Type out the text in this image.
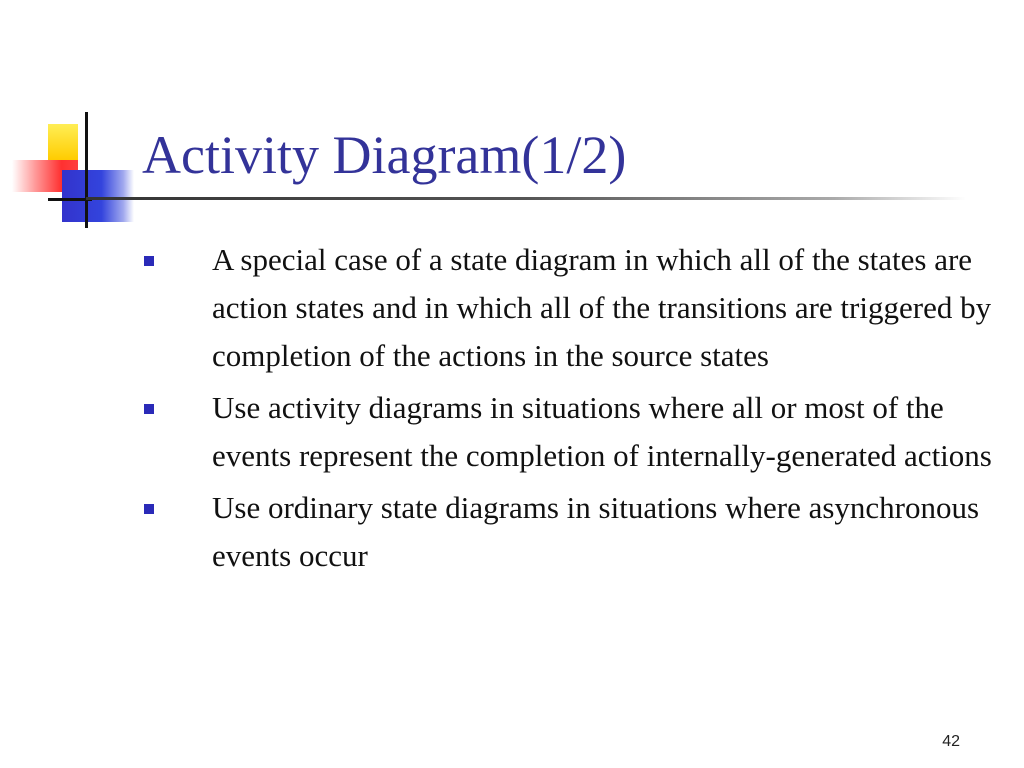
Activity Diagram(1/2)
A special case of a state diagram in which all of the states are action states and in which all of the transitions are triggered by completion of the actions in the source states
Use activity diagrams in situations where all or most of the events represent the completion of internally-generated actions
Use ordinary state diagrams in situations where asynchronous events occur
42
